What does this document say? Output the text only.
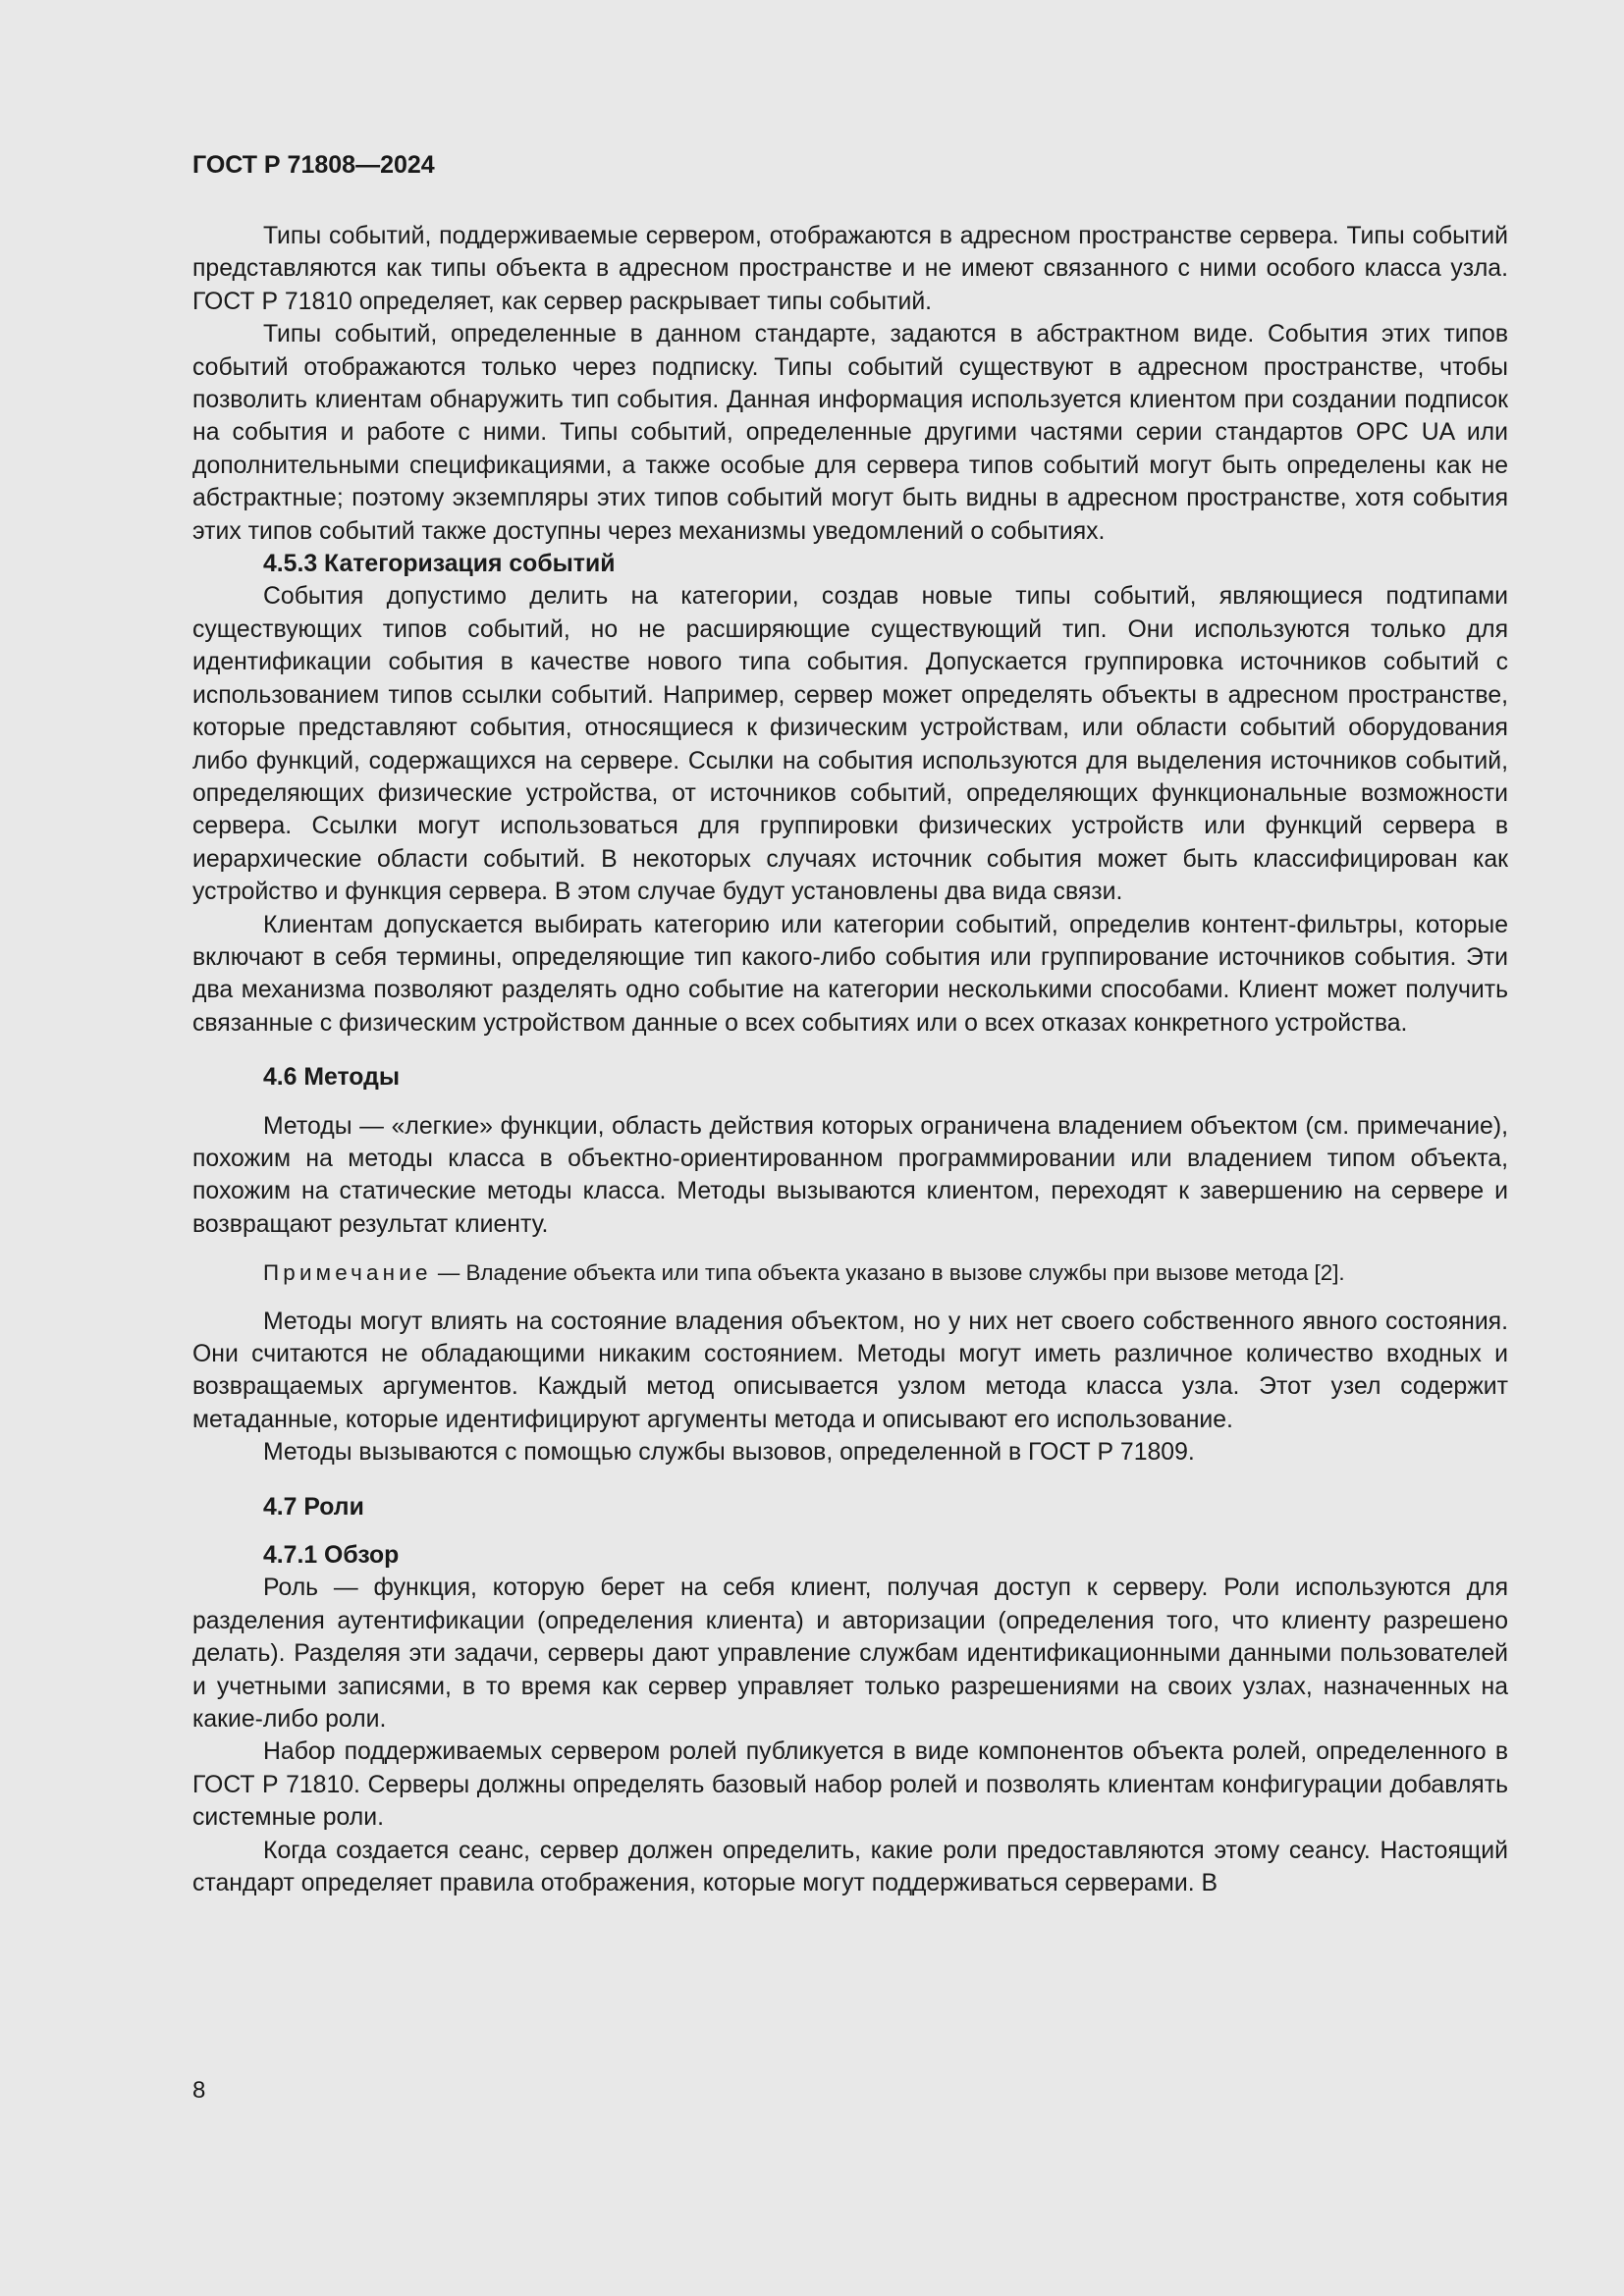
ГОСТ Р 71808—2024

Типы событий, поддерживаемые сервером, отображаются в адресном пространстве сервера. Типы событий представляются как типы объекта в адресном пространстве и не имеют связанного с ними особого класса узла. ГОСТ Р 71810 определяет, как сервер раскрывает типы событий.

Типы событий, определенные в данном стандарте, задаются в абстрактном виде. События этих типов событий отображаются только через подписку. Типы событий существуют в адресном пространстве, чтобы позволить клиентам обнаружить тип события. Данная информация используется клиентом при создании подписок на события и работе с ними. Типы событий, определенные другими частями серии стандартов OPC UA или дополнительными спецификациями, а также особые для сервера типов событий могут быть определены как не абстрактные; поэтому экземпляры этих типов событий могут быть видны в адресном пространстве, хотя события этих типов событий также доступны через механизмы уведомлений о событиях.

4.5.3 Категоризация событий

События допустимо делить на категории, создав новые типы событий, являющиеся подтипами существующих типов событий, но не расширяющие существующий тип. Они используются только для идентификации события в качестве нового типа события. Допускается группировка источников событий с использованием типов ссылки событий. Например, сервер может определять объекты в адресном пространстве, которые представляют события, относящиеся к физическим устройствам, или области событий оборудования либо функций, содержащихся на сервере. Ссылки на события используются для выделения источников событий, определяющих физические устройства, от источников событий, определяющих функциональные возможности сервера. Ссылки могут использоваться для группировки физических устройств или функций сервера в иерархические области событий. В некоторых случаях источник события может быть классифицирован как устройство и функция сервера. В этом случае будут установлены два вида связи.

Клиентам допускается выбирать категорию или категории событий, определив контент-фильтры, которые включают в себя термины, определяющие тип какого-либо события или группирование источников события. Эти два механизма позволяют разделять одно событие на категории несколькими способами. Клиент может получить связанные с физическим устройством данные о всех событиях или о всех отказах конкретного устройства.

4.6 Методы

Методы — «легкие» функции, область действия которых ограничена владением объектом (см. примечание), похожим на методы класса в объектно-ориентированном программировании или владением типом объекта, похожим на статические методы класса. Методы вызываются клиентом, переходят к завершению на сервере и возвращают результат клиенту.

Примечание — Владение объекта или типа объекта указано в вызове службы при вызове метода [2].

Методы могут влиять на состояние владения объектом, но у них нет своего собственного явного состояния. Они считаются не обладающими никаким состоянием. Методы могут иметь различное количество входных и возвращаемых аргументов. Каждый метод описывается узлом метода класса узла. Этот узел содержит метаданные, которые идентифицируют аргументы метода и описывают его использование.

Методы вызываются с помощью службы вызовов, определенной в ГОСТ Р 71809.

4.7 Роли
4.7.1 Обзор

Роль — функция, которую берет на себя клиент, получая доступ к серверу. Роли используются для разделения аутентификации (определения клиента) и авторизации (определения того, что клиенту разрешено делать). Разделяя эти задачи, серверы дают управление службам идентификационными данными пользователей и учетными записями, в то время как сервер управляет только разрешениями на своих узлах, назначенных на какие-либо роли.

Набор поддерживаемых сервером ролей публикуется в виде компонентов объекта ролей, определенного в ГОСТ Р 71810. Серверы должны определять базовый набор ролей и позволять клиентам конфигурации добавлять системные роли.

Когда создается сеанс, сервер должен определить, какие роли предоставляются этому сеансу. Настоящий стандарт определяет правила отображения, которые могут поддерживаться серверами. В

8
